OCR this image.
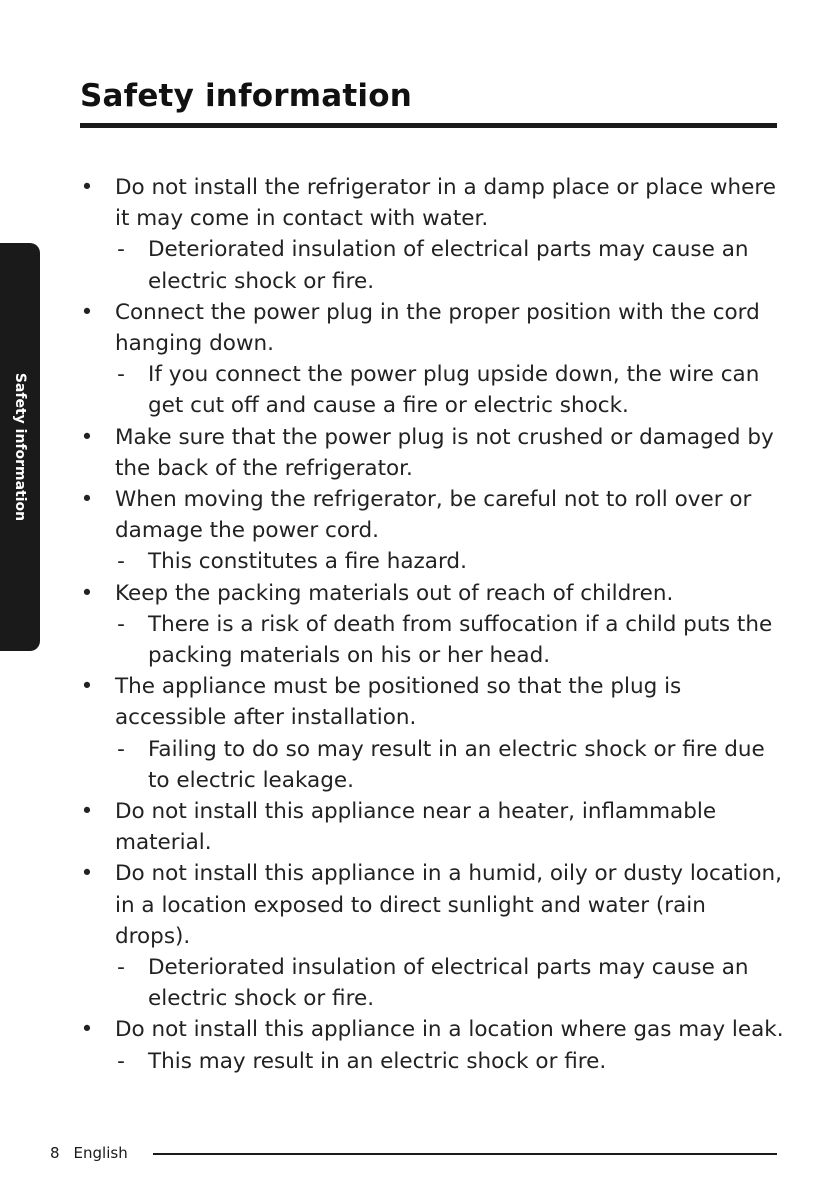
Safety information
Safety information
• Do not install the refrigerator in a damp place or place where it may come in contact with water.
- Deteriorated insulation of electrical parts may cause an electric shock or fire.
• Connect the power plug in the proper position with the cord hanging down.
- If you connect the power plug upside down, the wire can get cut off and cause a fire or electric shock.
• Make sure that the power plug is not crushed or damaged by the back of the refrigerator.
• When moving the refrigerator, be careful not to roll over or damage the power cord.
- This constitutes a fire hazard.
• Keep the packing materials out of reach of children.
- There is a risk of death from suffocation if a child puts the packing materials on his or her head.
• The appliance must be positioned so that the plug is accessible after installation.
- Failing to do so may result in an electric shock or fire due to electric leakage.
• Do not install this appliance near a heater, inflammable material.
• Do not install this appliance in a humid, oily or dusty location, in a location exposed to direct sunlight and water (rain drops).
- Deteriorated insulation of electrical parts may cause an electric shock or fire.
• Do not install this appliance in a location where gas may leak.
- This may result in an electric shock or fire.
8 English
